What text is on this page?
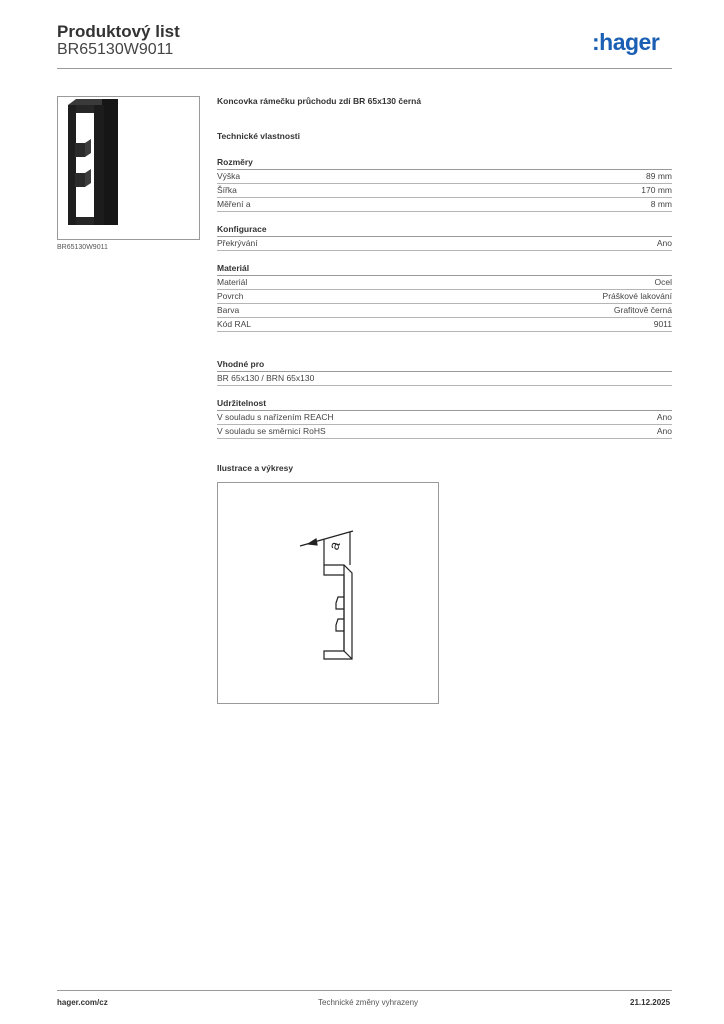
Produktový list
BR65130W9011	:hager
BR65130W9011
Koncovka rámečku průchodu zdí BR 65x130 černá
Technické vlastnosti
Rozměry
Výška	89 mm
Šířka	170 mm
Měření a	8 mm
Konfigurace
Překrývání	Ano
Materiál
Materiál	Ocel
Povrch	Práškové lakování
Barva	Grafitově černá
Kód RAL	9011
Vhodné pro
BR 65x130 / BRN 65x130
Udržitelnost
V souladu s nařízením REACH	Ano
V souladu se směrnicí RoHS	Ano
Ilustrace a výkresy
a
hager.com/cz	Technické změny vyhrazeny	21.12.2025
